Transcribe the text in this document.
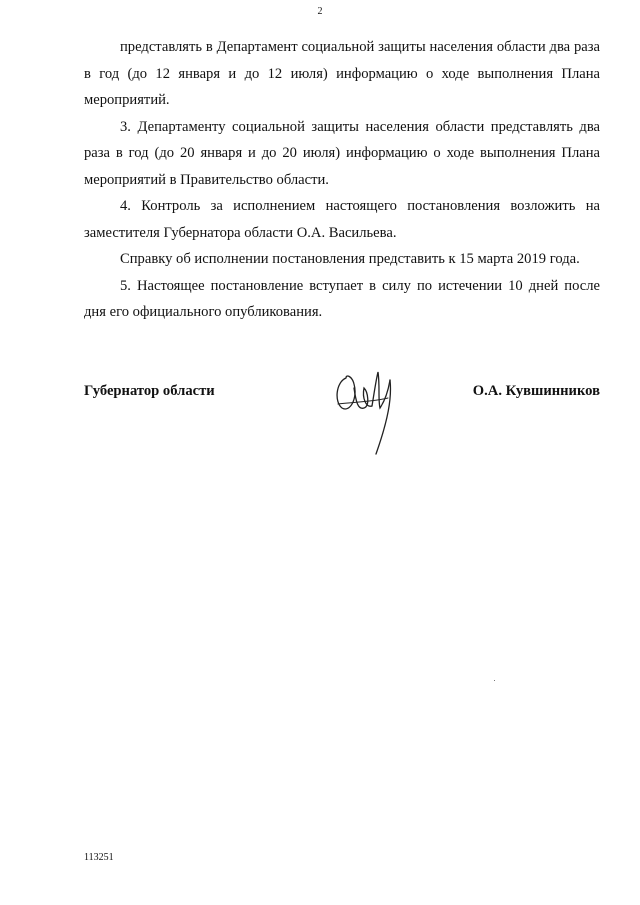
2

представлять в Департамент социальной защиты населения области два раза в год (до 12 января и до 12 июля) информацию о ходе выполнения Плана мероприятий.

3. Департаменту социальной защиты населения области представлять два раза в год (до 20 января и до 20 июля) информацию о ходе выполнения Плана мероприятий в Правительство области.

4. Контроль за исполнением настоящего постановления возложить на заместителя Губернатора области О.А. Васильева.

Справку об исполнении постановления представить к 15 марта 2019 года.

5. Настоящее постановление вступает в силу по истечении 10 дней после дня его официального опубликования.

Губернатор области	О.А. Кувшинников
113251
